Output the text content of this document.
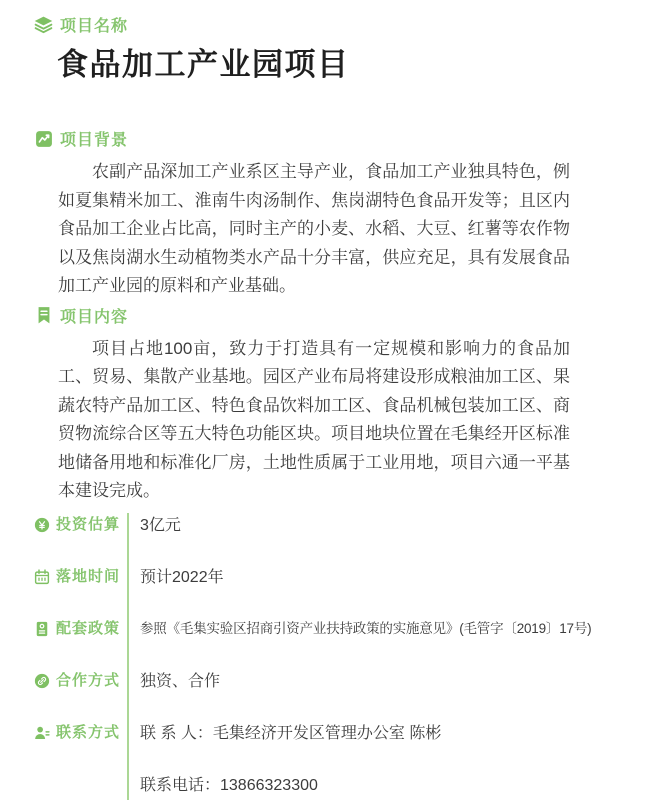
项目名称
食品加工产业园项目
项目背景

农副产品深加工产业系区主导产业，食品加工产业独具特色，例如夏集精米加工、淮南牛肉汤制作、焦岗湖特色食品开发等；且区内食品加工企业占比高，同时主产的小麦、水稻、大豆、红薯等农作物以及焦岗湖水生动植物类水产品十分丰富，供应充足，具有发展食品加工产业园的原料和产业基础。

项目内容

项目占地100亩，致力于打造具有一定规模和影响力的食品加工、贸易、集散产业基地。园区产业布局将建设形成粮油加工区、果蔬农特产品加工区、特色食品饮料加工区、食品机械包装加工区、商贸物流综合区等五大特色功能区块。项目地块位置在毛集经开区标准地储备用地和标准化厂房，土地性质属于工业用地，项目六通一平基本建设完成。

投资估算	3亿元
落地时间	预计2022年
配套政策	参照《毛集实验区招商引资产业扶持政策的实施意见》(毛管字〔2019〕17号)
合作方式	独资、合作
联系方式 联 系 人：毛集经济开发区管理办公室 陈彬
联系电话：13866323300
